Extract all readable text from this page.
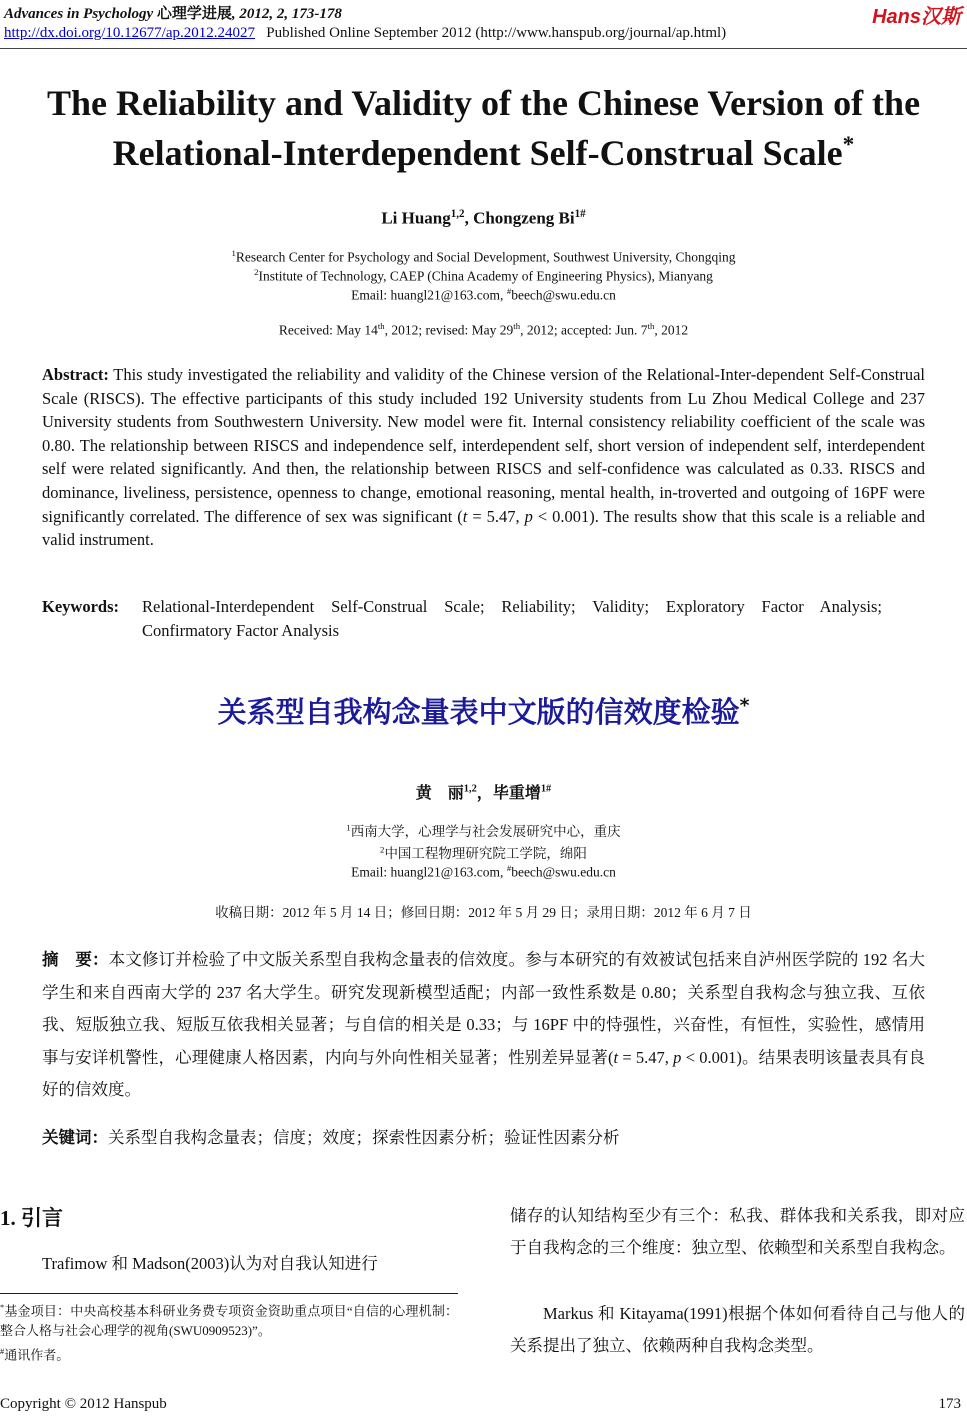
Advances in Psychology 心理学进展, 2012, 2, 173-178	Hans汉斯
http://dx.doi.org/10.12677/ap.2012.24027 Published Online September 2012 (http://www.hanspub.org/journal/ap.html)
The Reliability and Validity of the Chinese Version of the
Relational-Interdependent Self-Construal Scale*
Li Huang$^{1,2}$, Chongzeng $Bi^{1\#}$
$^1$Research Center for Psychology and Social Development, Southwest University, Chongqing
$^2$Institute of Technology, CAEP (China Academy of Engineering Physics), Mianyang
Email: huangl21@163.com, #beech@swu.edu.cn
Received: May 14th, 2012; revised: May 29th, 2012; accepted: Jun. 7th, 2012
Abstract: This study investigated the reliability and validity of the Chinese version of the Relational-Inter-dependent Self-Construal Scale (RISCS). The effective participants of this study included 192 University students from Lu Zhou Medical College and 237 University students from Southwestern University. New model were fit. Internal consistency reliability coefficient of the scale was 0.80. The relationship between RISCS and independence self, interdependent self, short version of independent self, interdependent self were related significantly. And then, the relationship between RISCS and self-confidence was calculated as 0.33. RISCS and dominance, liveliness, persistence, openness to change, emotional reasoning, mental health, in-troverted and outgoing of 16PF were significantly correlated. The difference of sex was significant (t = 5.47, p < 0.001). The results show that this scale is a reliable and valid instrument.
Keywords: Relational-Interdependent Self-Construal Scale; Reliability; Validity; Exploratory Factor Analysis; Confirmatory Factor Analysis
关系型自我构念量表中文版的信效度检验*
黄　丽$^{1,2}$，毕重增$^{1\#}$
$^1$西南大学，心理学与社会发展研究中心，重庆
$^2$中国工程物理研究院工学院，绵阳
Email: huangl21@163.com, #beech@swu.edu.cn
收稿日期：2012 年 5 月 14 日；修回日期：2012 年 5 月 29 日；录用日期：2012 年 6 月 7 日
摘　要：本文修订并检验了中文版关系型自我构念量表的信效度。参与本研究的有效被试包括来自泸州医学院的 192 名大学生和来自西南大学的 237 名大学生。研究发现新模型适配；内部一致性系数是 0.80；关系型自我构念与独立我、互依我、短版独立我、短版互依我相关显著；与自信的相关是 0.33；与 16PF 中的恃强性，兴奋性，有恒性，实验性，感情用事与安详机警性，心理健康人格因素，内向与外向性相关显著；性别差异显著(t = 5.47, p < 0.001)。结果表明该量表具有良好的信效度。
关键词：关系型自我构念量表；信度；效度；探索性因素分析；验证性因素分析
1. 引言
Trafimow 和 Madson(2003)认为对自我认知进行
*基金项目：中央高校基本科研业务费专项资金资助重点项目“自信的心理机制：整合人格与社会心理学的视角(SWU0909523)”。
#通讯作者。
储存的认知结构至少有三个：私我、群体我和关系我，即对应于自我构念的三个维度：独立型、依赖型和关系型自我构念。
Markus 和 Kitayama(1991)根据个体如何看待自己与他人的关系提出了独立、依赖两种自我构念类型。
Copyright © 2012 Hanspub	173
